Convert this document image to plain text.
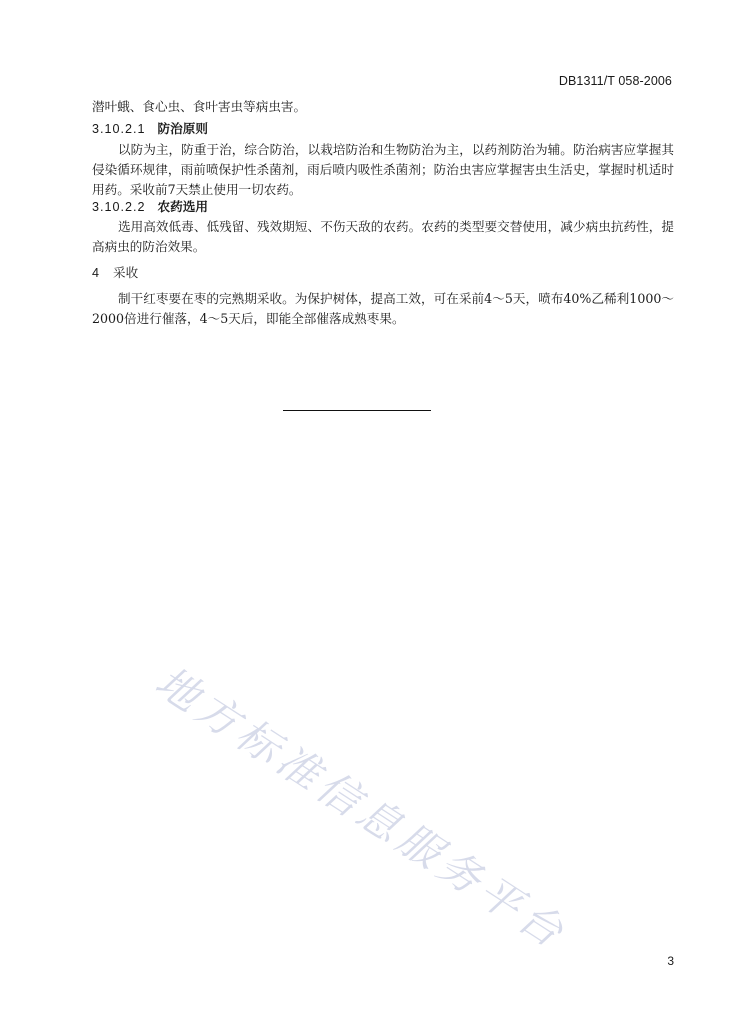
DB1311/T 058-2006
潜叶蛾、食心虫、食叶害虫等病虫害。
3.10.2.1 防治原则
以防为主，防重于治，综合防治，以栽培防治和生物防治为主，以药剂防治为辅。防治病害应掌握其侵染循环规律，雨前喷保护性杀菌剂，雨后喷内吸性杀菌剂；防治虫害应掌握害虫生活史，掌握时机适时用药。采收前7天禁止使用一切农药。
3.10.2.2 农药选用
选用高效低毒、低残留、残效期短、不伤天敌的农药。农药的类型要交替使用，减少病虫抗药性，提高病虫的防治效果。
4 采收
制干红枣要在枣的完熟期采收。为保护树体，提高工效，可在采前4～5天，喷布40%乙稀利1000～2000倍进行催落，4～5天后，即能全部催落成熟枣果。
地方标准信息服务平台
3
